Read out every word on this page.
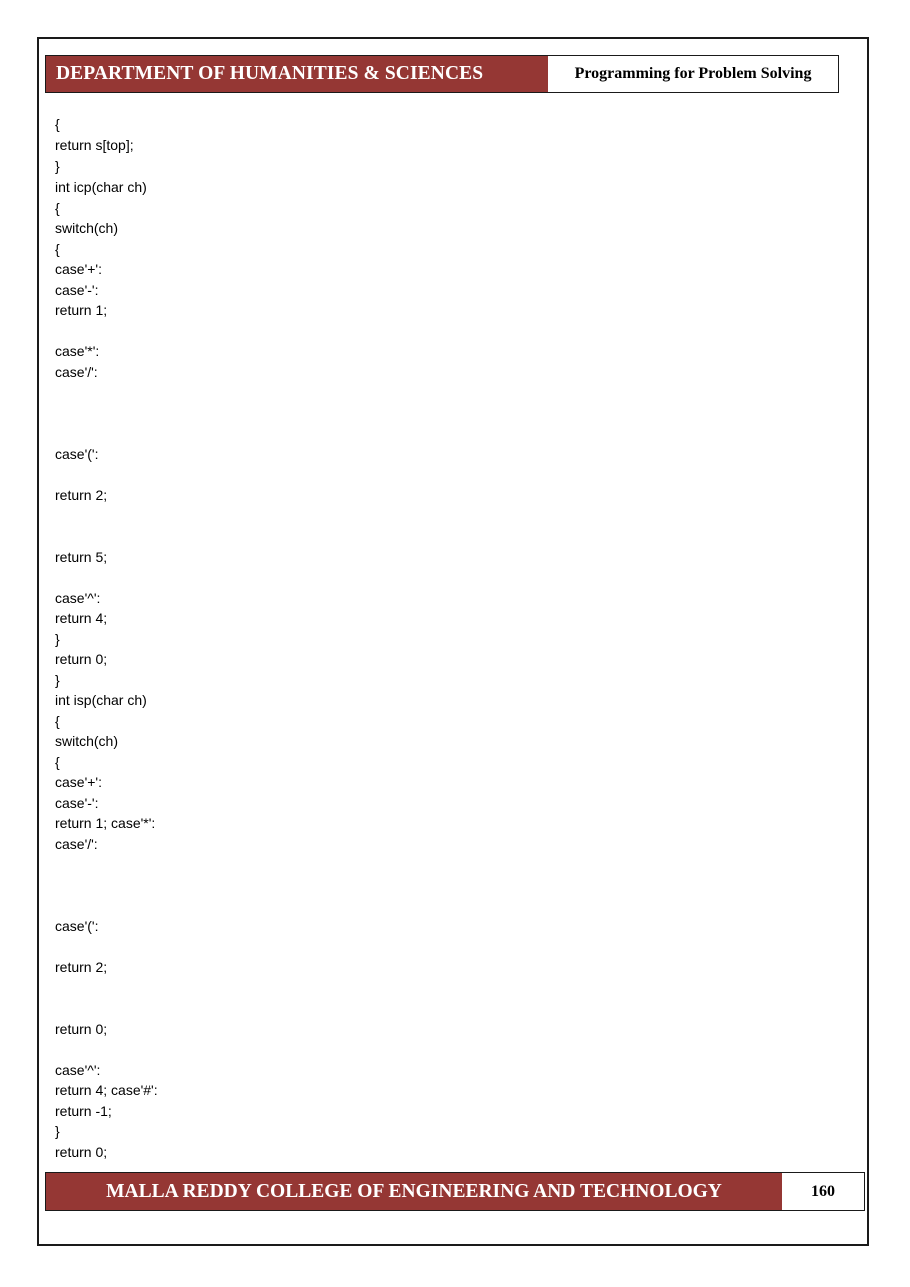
DEPARTMENT OF HUMANITIES & SCIENCES	Programming for Problem Solving
{
return s[top];
}
int icp(char ch)
{
switch(ch)
{
case'+':
case'-':
return 1;
case'*':
case'/':
case'(':
return 2;
return 5;
case'^':
return 4;
}
return 0;
}
int isp(char ch)
{
switch(ch)
{
case'+':
case'-':
return 1; case'*':
case'/':
case'(':
return 2;
return 0;
case'^':
return 4; case'#':
return -1;
}
return 0;
MALLA REDDY COLLEGE OF ENGINEERING AND TECHNOLOGY	160
